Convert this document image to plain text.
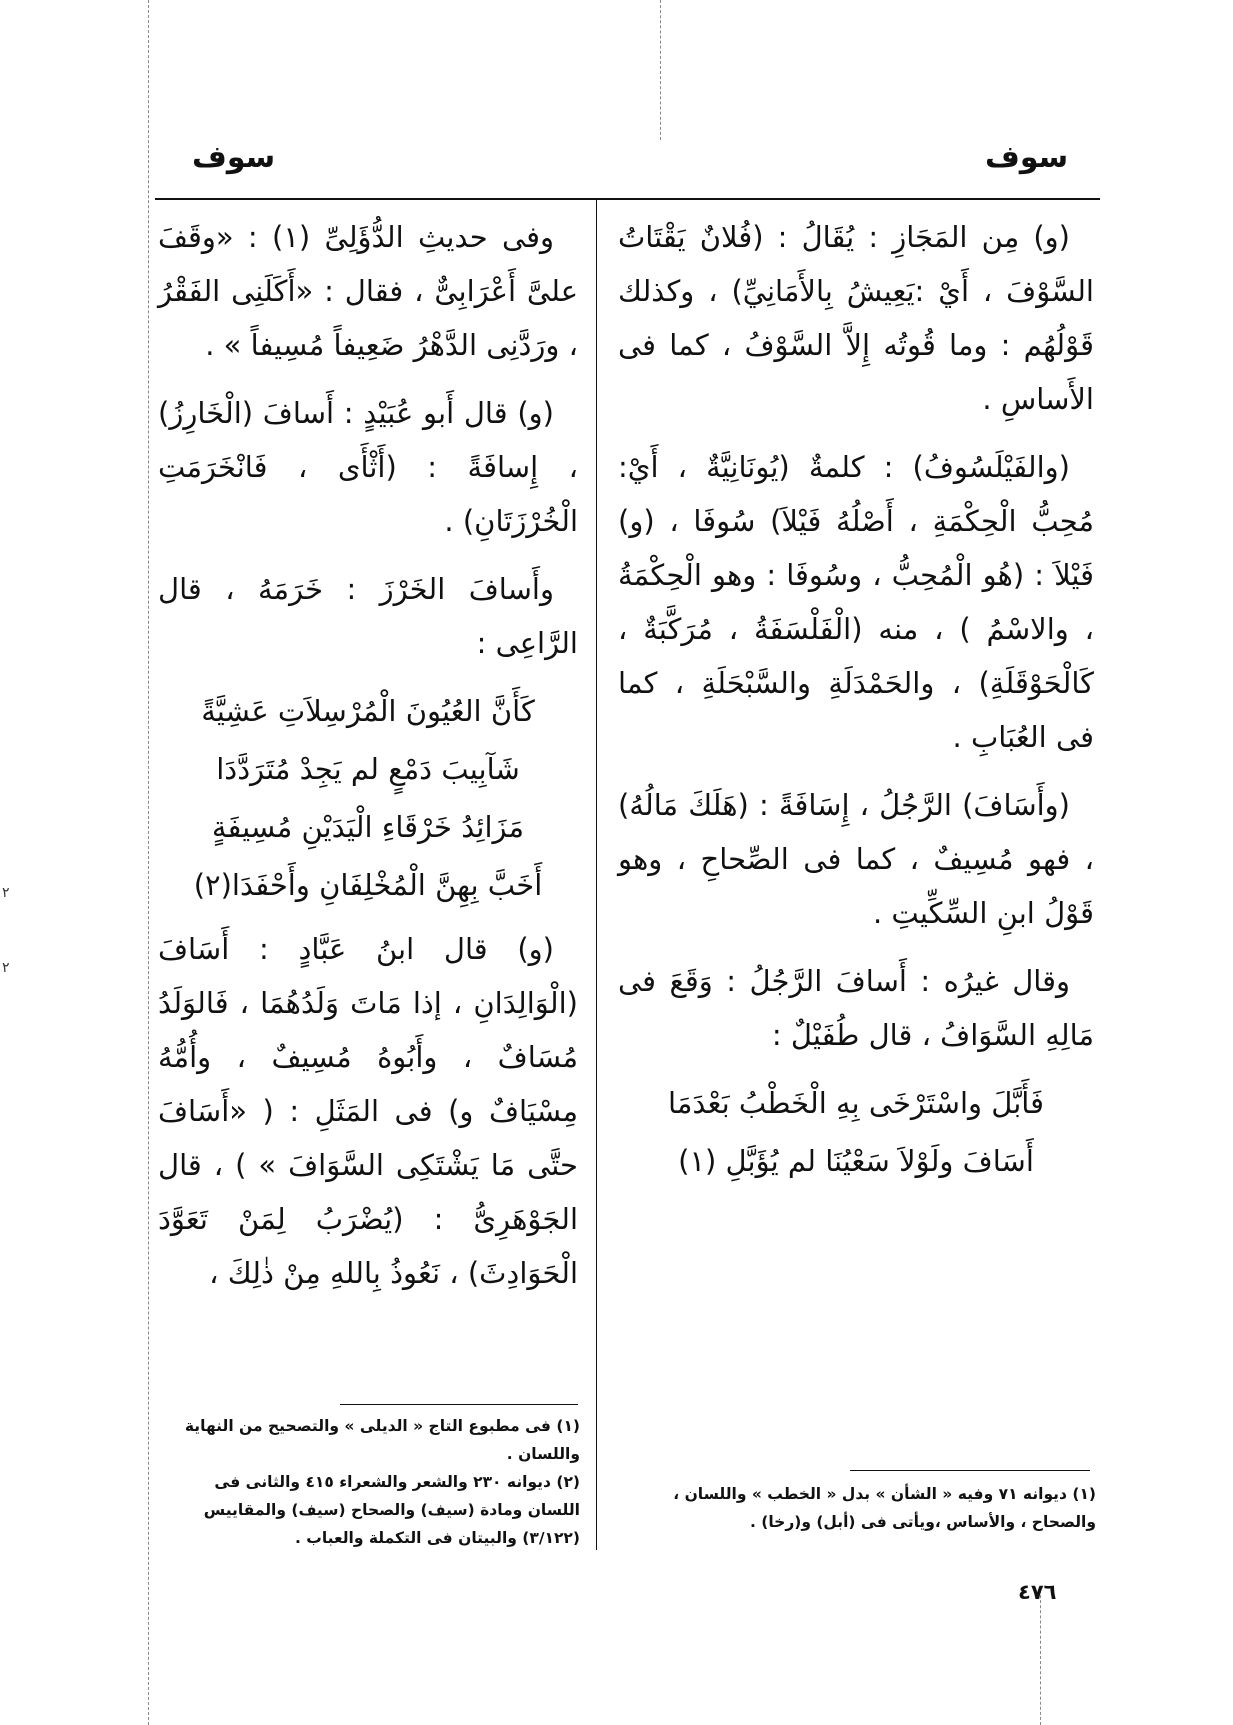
سوف
سوف

(و) مِن المَجَازِ : يُقَالُ : (فُلانٌ يَقْتَاتُ السَّوْفَ ، أَيْ :يَعِيشُ بِالأَمَانِيِّ) ، وكذلك قَوْلُهُم : وما قُوتُه إِلاَّ السَّوْفُ ، كما فى الأَساسِ .

(والفَيْلَسُوفُ) : كلمةٌ (يُونَانِيَّةٌ ، أَيْ: مُحِبُّ الْحِكْمَةِ ، أَصْلُهُ فَيْلاَ) سُوفَا ، (و) فَيْلاَ : (هُو الْمُحِبُّ ، وسُوفَا : وهو الْحِكْمَةُ ، والاسْمُ ) ، منه (الْفَلْسَفَةُ ، مُرَكَّبَةٌ ، كَالْحَوْقَلَةِ) ، والحَمْدَلَةِ والسَّبْحَلَةِ ، كما فى العُبَابِ .

(وأَسَافَ) الرَّجُلُ ، إِسَافَةً : (هَلَكَ مَالُهُ) ، فهو مُسِيفٌ ، كما فى الصِّحاحِ ، وهو قَوْلُ ابنِ السِّكِّيتِ .

وقال غيرُه : أَسافَ الرَّجُلُ : وَقَعَ فى مَالِهِ السَّوَافُ ، قال طُفَيْلٌ :

فَأَبَّلَ واسْتَرْخَى بِهِ الْخَطْبُ بَعْدَمَا
أَسَافَ ولَوْلاَ سَعْيُنَا لم يُؤَبَّلِ (١)

وفى حديثِ الدُّؤَلِىِّ (١) : «وقَفَ علىَّ أَعْرَابِىٌّ ، فقال : «أَكَلَنِى الفَقْرُ ، ورَدَّنِى الدَّهْرُ ضَعِيفاً مُسِيفاً » .

(و) قال أَبو عُبَيْدٍ : أَسافَ (الْخَارِزُ) ، إِسافَةً : (أَثْأَى ، فَانْخَرَمَتِ الْخُرْزَتَانِ) .

وأَسافَ الخَرْزَ : خَرَمَهُ ، قال الرَّاعِى :

كَأَنَّ العُيُونَ الْمُرْسِلاَتِ عَشِيَّةً
شَآبِيبَ دَمْعٍ لم يَجِدْ مُتَرَدَّدَا
مَزَائِدُ خَرْقَاءِ الْيَدَيْنِ مُسِيفَةٍ
أَخَبَّ بِهِنَّ الْمُخْلِفَانِ وأَحْفَدَا(٢)

(و) قال ابنُ عَبَّادٍ : أَسَافَ (الْوَالِدَانِ ، إذا مَاتَ وَلَدُهُمَا ، فَالوَلَدُ مُسَافٌ ، وأَبُوهُ مُسِيفٌ ، وأُمُّهُ مِسْيَافٌ و) فى المَثَلِ : ( «أَسَافَ حتَّى مَا يَشْتَكِى السَّوَافَ » ) ، قال الجَوْهَرِىُّ : (يُضْرَبُ لِمَنْ تَعَوَّدَ الْحَوَادِثَ) ، نَعُوذُ بِاللهِ مِنْ ذٰلِكَ ،

(١) ديوانه ٧١ وفيه « الشأن » بدل « الخطب » واللسان ، والصحاح ، والأساس ،ويأتى فى (أبل) و(رخا) .

(١) فى مطبوع التاج « الديلى » والتصحيح من النهاية واللسان .

(٢) ديوانه ٢٣٠ والشعر والشعراء ٤١٥ والثانى فى اللسان ومادة (سيف) والصحاح (سيف) والمقاييس (٣/١٢٢) والبيتان فى التكملة والعباب .

٤٧٦
٢
٢
